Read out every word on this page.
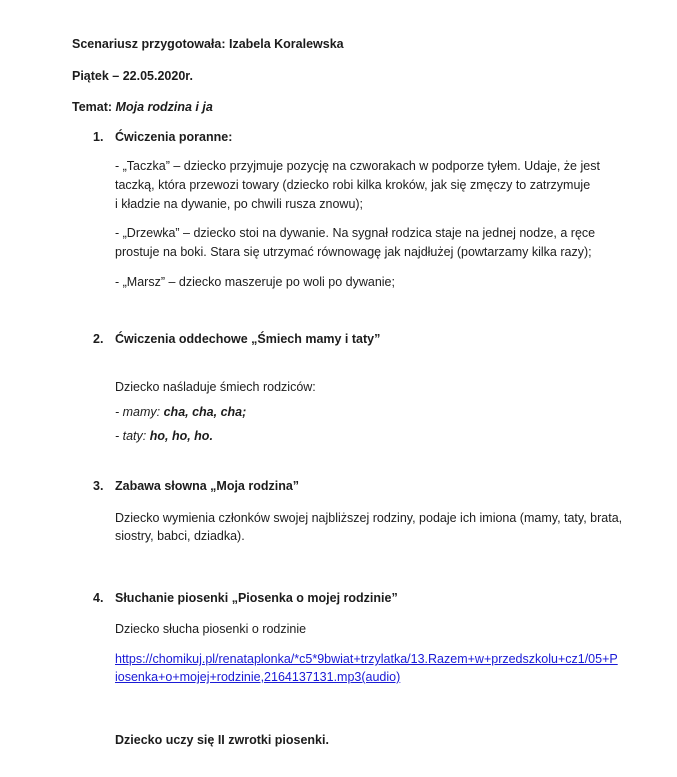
Scenariusz przygotowała: Izabela Koralewska
Piątek – 22.05.2020r.
Temat: Moja rodzina i ja
1. Ćwiczenia poranne:
- „Taczka” – dziecko przyjmuje pozycję na czworakach w podporze tyłem. Udaje, że jest
taczką, która przewozi towary (dziecko robi kilka kroków, jak się zmęczy to zatrzymuje
i kładzie na dywanie, po chwili rusza znowu);
- „Drzewka” – dziecko stoi na dywanie. Na sygnał rodzica staje na jednej nodze, a ręce
prostuje na boki. Stara się utrzymać równowagę jak najdłużej (powtarzamy kilka razy);
- „Marsz” – dziecko maszeruje po woli po dywanie;
2. Ćwiczenia oddechowe „Śmiech mamy i taty”
Dziecko naśladuje śmiech rodziców:
- mamy: cha, cha, cha;
- taty: ho, ho, ho.
3. Zabawa słowna „Moja rodzina”
Dziecko wymienia członków swojej najbliższej rodziny, podaje ich imiona (mamy, taty, brata,
siostry, babci, dziadka).
4. Słuchanie piosenki „Piosenka o mojej rodzinie”
Dziecko słucha piosenki o rodzinie
https://chomikuj.pl/renataplonka/*c5*9bwiat+trzylatka/13.Razem+w+przedszkolu+cz1/05+P
iosenka+o+mojej+rodzinie,2164137131.mp3(audio)
Dziecko uczy się II zwrotki piosenki.
